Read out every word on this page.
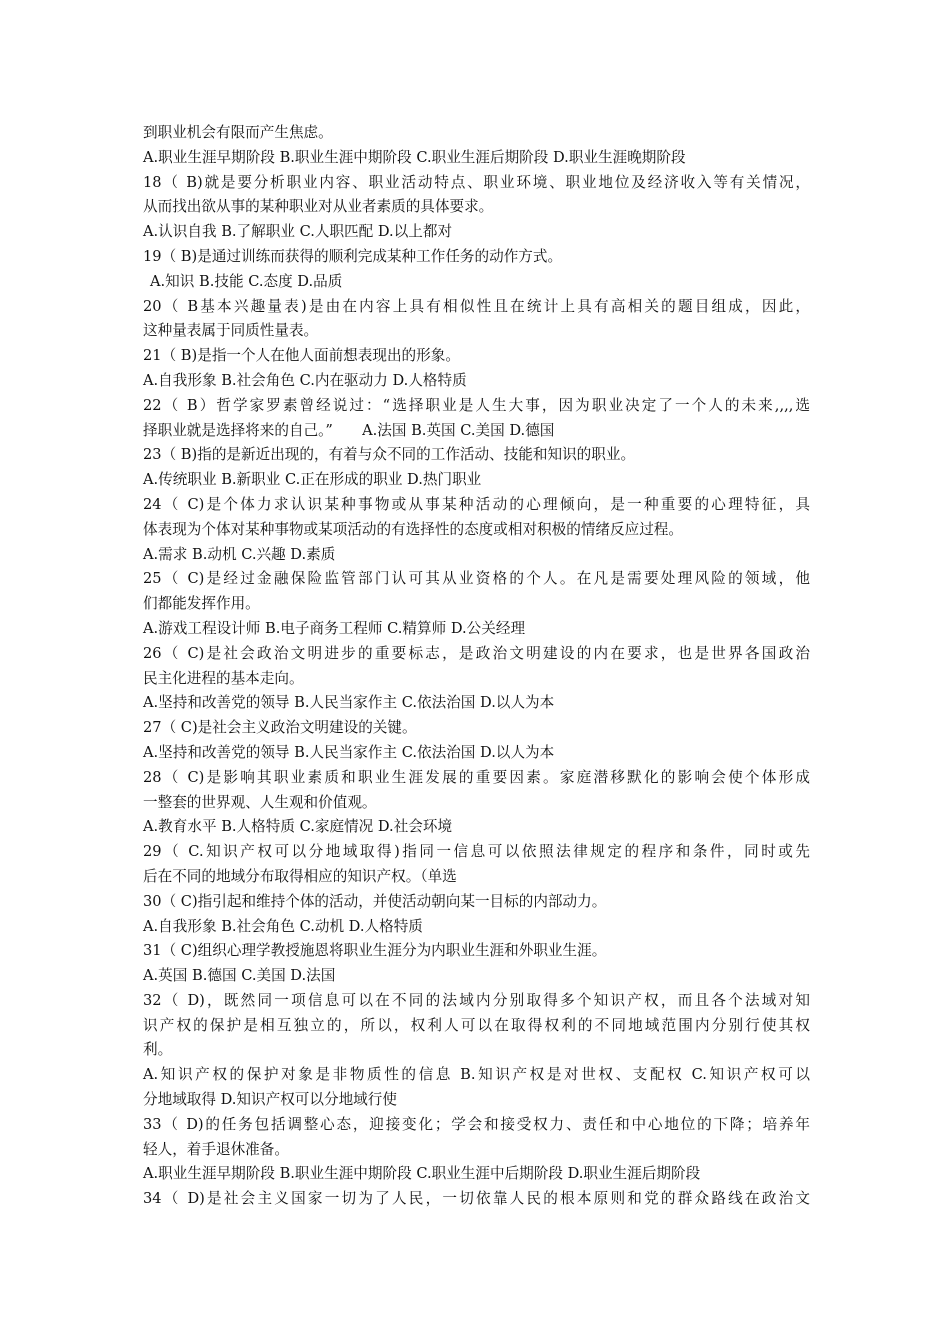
到职业机会有限而产生焦虑。
A.职业生涯早期阶段 B.职业生涯中期阶段 C.职业生涯后期阶段 D.职业生涯晚期阶段
18（ B)就是要分析职业内容、职业活动特点、职业环境、职业地位及经济收入等有关情况，
从而找出欲从事的某种职业对从业者素质的具体要求。
A.认识自我 B.了解职业 C.人职匹配 D.以上都对
19（ B)是通过训练而获得的顺利完成某种工作任务的动作方式。
A.知识 B.技能 C.态度 D.品质
20（ B基本兴趣量表)是由在内容上具有相似性且在统计上具有高相关的题目组成，因此，
这种量表属于同质性量表。
21（ B)是指一个人在他人面前想表现出的形象。
A.自我形象 B.社会角色 C.内在驱动力 D.人格特质
22（ B）哲学家罗素曾经说过：“选择职业是人生大事，因为职业决定了一个人的未来,,,,选
择职业就是选择将来的自己。”　　A.法国 B.英国 C.美国 D.德国
23（ B)指的是新近出现的，有着与众不同的工作活动、技能和知识的职业。
A.传统职业 B.新职业 C.正在形成的职业 D.热门职业
24（ C)是个体力求认识某种事物或从事某种活动的心理倾向，是一种重要的心理特征，具
体表现为个体对某种事物或某项活动的有选择性的态度或相对积极的情绪反应过程。
A.需求 B.动机 C.兴趣 D.素质
25（ C)是经过金融保险监管部门认可其从业资格的个人。在凡是需要处理风险的领域，他
们都能发挥作用。
A.游戏工程设计师 B.电子商务工程师 C.精算师 D.公关经理
26（ C)是社会政治文明进步的重要标志，是政治文明建设的内在要求，也是世界各国政治
民主化进程的基本走向。
A.坚持和改善党的领导 B.人民当家作主 C.依法治国 D.以人为本
27（ C)是社会主义政治文明建设的关键。
A.坚持和改善党的领导 B.人民当家作主 C.依法治国 D.以人为本
28（ C)是影响其职业素质和职业生涯发展的重要因素。家庭潜移默化的影响会使个体形成
一整套的世界观、人生观和价值观。
A.教育水平 B.人格特质 C.家庭情况 D.社会环境
29（ C.知识产权可以分地域取得)指同一信息可以依照法律规定的程序和条件，同时或先
后在不同的地域分布取得相应的知识产权。（单选
30（ C)指引起和维持个体的活动，并使活动朝向某一目标的内部动力。
A.自我形象 B.社会角色 C.动机 D.人格特质
31（ C)组织心理学教授施恩将职业生涯分为内职业生涯和外职业生涯。
A.英国 B.德国 C.美国 D.法国
32（ D)，既然同一项信息可以在不同的法域内分别取得多个知识产权，而且各个法域对知
识产权的保护是相互独立的，所以，权利人可以在取得权利的不同地域范围内分别行使其权
利。
A.知识产权的保护对象是非物质性的信息 B.知识产权是对世权、支配权 C.知识产权可以
分地域取得 D.知识产权可以分地域行使
33（ D)的任务包括调整心态，迎接变化；学会和接受权力、责任和中心地位的下降；培养年
轻人，着手退休准备。
A.职业生涯早期阶段 B.职业生涯中期阶段 C.职业生涯中后期阶段 D.职业生涯后期阶段
34（ D)是社会主义国家一切为了人民，一切依靠人民的根本原则和党的群众路线在政治文
